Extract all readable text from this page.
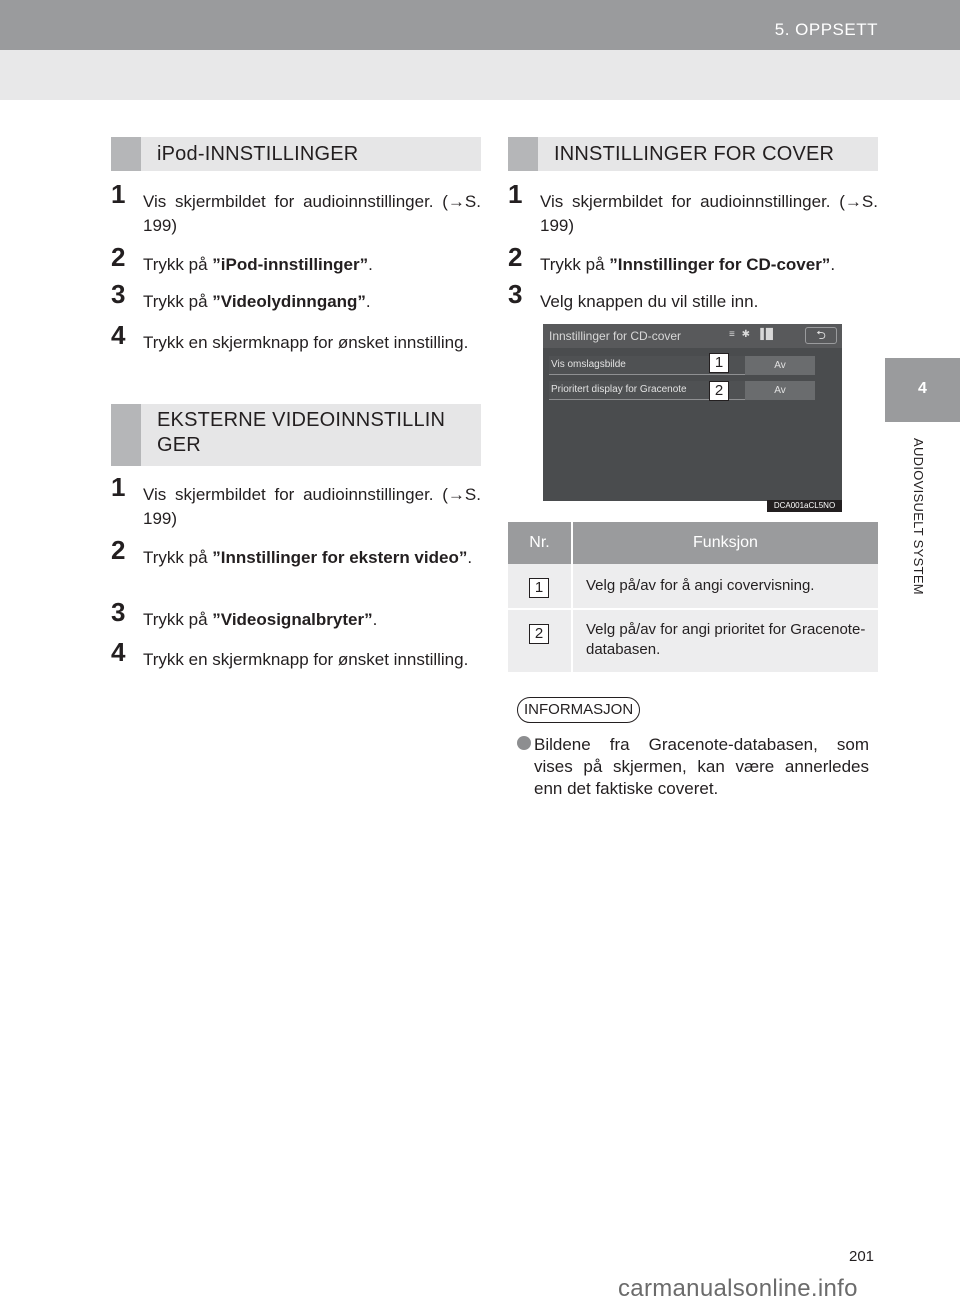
5. OPPSETT
4
AUDIOVISUELT SYSTEM
iPod-INNSTILLINGER
1 Vis skjermbildet for audioinnstillinger. (→S. 199)
2 Trykk på ”iPod-innstillinger”.
3 Trykk på ”Videolydinngang”.
4 Trykk en skjermknapp for ønsket innstilling.
EKSTERNE VIDEOINNSTILLINGER
1 Vis skjermbildet for audioinnstillinger. (→S. 199)
2 Trykk på ”Innstillinger for ekstern video”.
3 Trykk på ”Videosignalbryter”.
4 Trykk en skjermknapp for ønsket innstilling.
INNSTILLINGER FOR COVER
1 Vis skjermbildet for audioinnstillinger. (→S. 199)
2 Trykk på ”Innstillinger for CD-cover”.
3 Velg knappen du vil stille inn.
Innstillinger for CD-cover	≡ ✱ ▐█	⮌
Vis omslagsbilde	Av
Prioritert display for Gracenote	Av
1
2
DCA001aCL5NO
Nr.	Funksjon
1	Velg på/av for å angi covervisning.
2	Velg på/av for angi prioritet for Gracenote-databasen.
INFORMASJON
Bildene fra Gracenote-databasen, som vises på skjermen, kan være annerledes enn det faktiske coveret.
201
carmanualsonline.info
